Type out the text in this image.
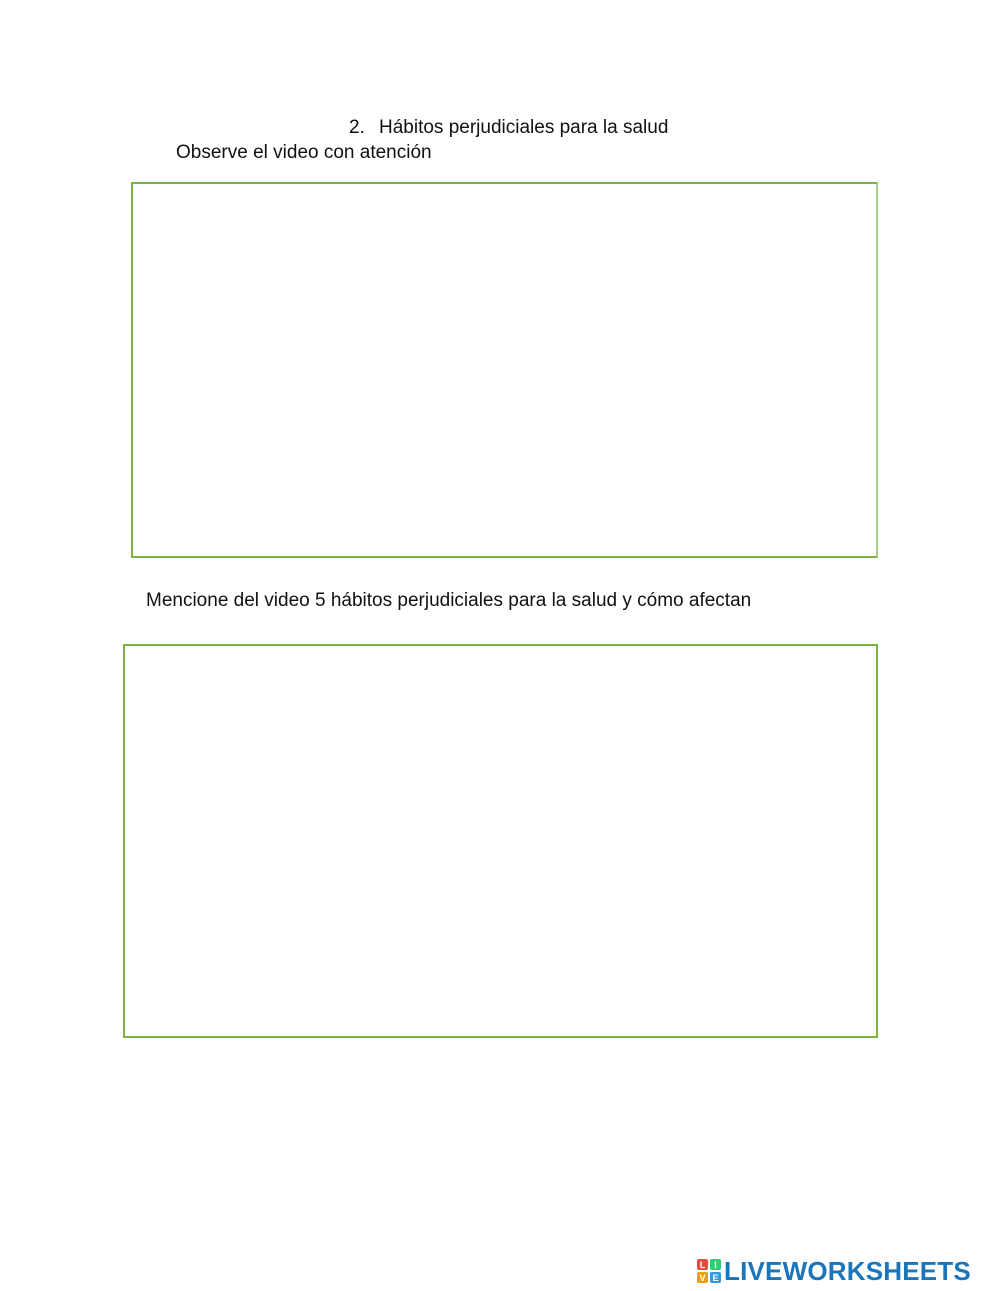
2. Hábitos perjudiciales para la salud
Observe el video con atención
Mencione del video 5 hábitos perjudiciales para la salud y cómo afectan
L I
V E LIVEWORKSHEETS
